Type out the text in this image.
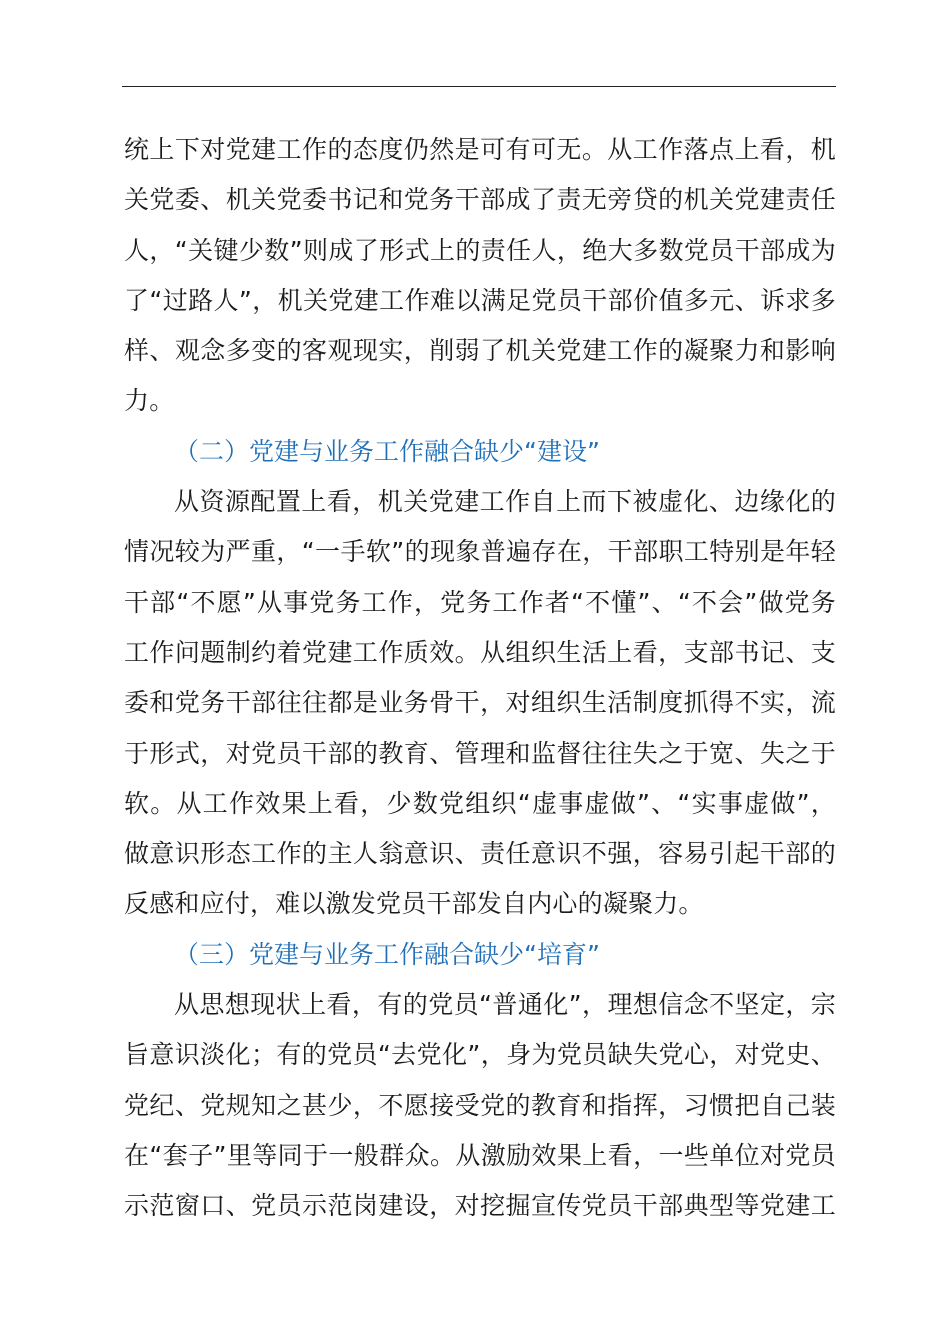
统上下对党建工作的态度仍然是可有可无。从工作落点上看，机
关党委、机关党委书记和党务干部成了责无旁贷的机关党建责任
人，“关键少数”则成了形式上的责任人，绝大多数党员干部成为
了“过路人”，机关党建工作难以满足党员干部价值多元、诉求多
样、观念多变的客观现实，削弱了机关党建工作的凝聚力和影响
力。
（二）党建与业务工作融合缺少“建设”
从资源配置上看，机关党建工作自上而下被虚化、边缘化的
情况较为严重，“一手软”的现象普遍存在，干部职工特别是年轻
干部“不愿”从事党务工作，党务工作者“不懂”、“不会”做党务
工作问题制约着党建工作质效。从组织生活上看，支部书记、支
委和党务干部往往都是业务骨干，对组织生活制度抓得不实，流
于形式，对党员干部的教育、管理和监督往往失之于宽、失之于
软。从工作效果上看，少数党组织“虚事虚做”、“实事虚做”，
做意识形态工作的主人翁意识、责任意识不强，容易引起干部的
反感和应付，难以激发党员干部发自内心的凝聚力。
（三）党建与业务工作融合缺少“培育”
从思想现状上看，有的党员“普通化”，理想信念不坚定，宗
旨意识淡化；有的党员“去党化”，身为党员缺失党心，对党史、
党纪、党规知之甚少，不愿接受党的教育和指挥，习惯把自己装
在“套子”里等同于一般群众。从激励效果上看，一些单位对党员
示范窗口、党员示范岗建设，对挖掘宣传党员干部典型等党建工
